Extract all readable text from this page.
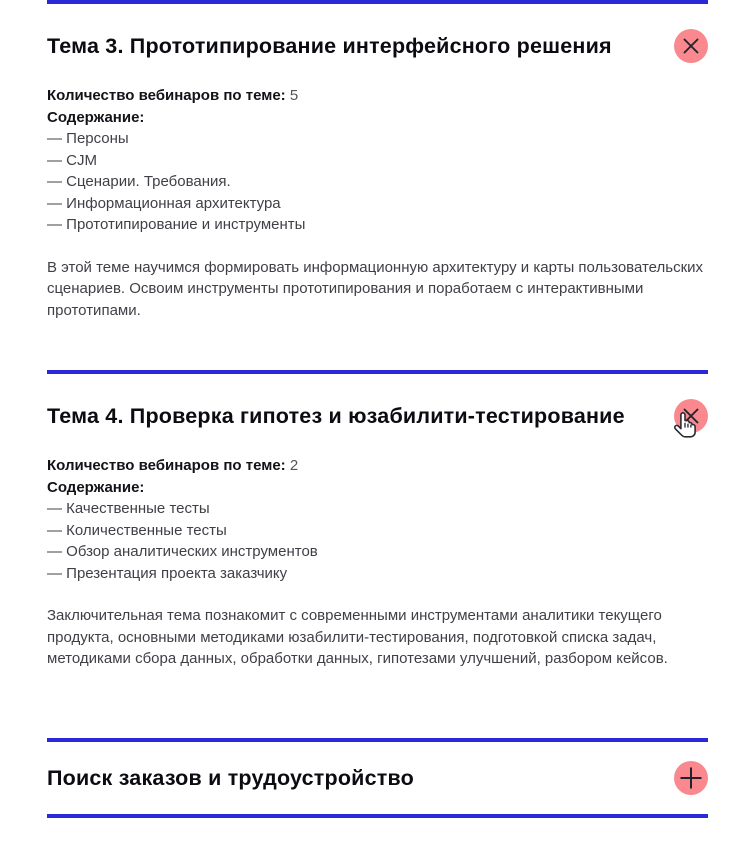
Тема 3. Прототипирование интерфейсного решения

Количество вебинаров по теме: 5

Содержание:

— Персоны
— CJM
— Сценарии. Требования.
— Информационная архитектура
— Прототипирование и инструменты

В этой теме научимся формировать информационную архитектуру и карты пользовательских сценариев. Освоим инструменты прототипирования и поработаем с интерактивными прототипами.

Тема 4. Проверка гипотез и юзабилити-тестирование

Количество вебинаров по теме: 2

Содержание:

— Качественные тесты
— Количественные тесты
— Обзор аналитических инструментов
— Презентация проекта заказчику

Заключительная тема познакомит с современными инструментами аналитики текущего продукта, основными методиками юзабилити-тестирования, подготовкой списка задач, методиками сбора данных, обработки данных, гипотезами улучшений, разбором кейсов.

Поиск заказов и трудоустройство
